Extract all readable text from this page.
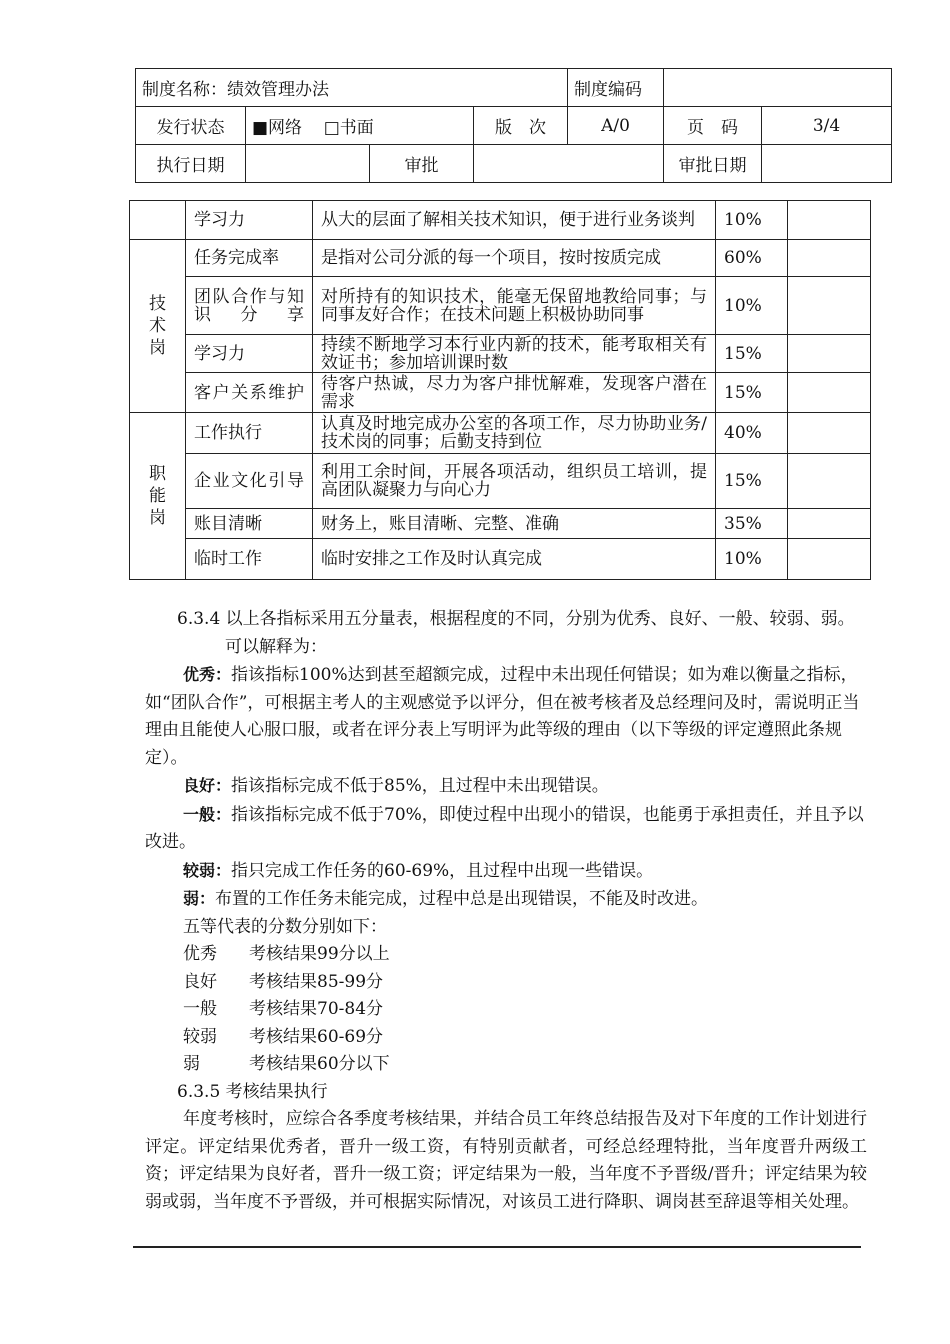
制度名称：绩效管理办法				制度编码		
发行状态	■网络 □书面		版　次	A/0	页　码	3/4
执行日期		审批			审批日期	
	学习力	从大的层面了解相关技术知识，便于进行业务谈判	10%	
技术岗	任务完成率	是指对公司分派的每一个项目，按时按质完成	60%	
	团队合作与知识分享	对所持有的知识技术，能毫无保留地教给同事；与同事友好合作；在技术问题上积极协助同事	10%	
	学习力	持续不断地学习本行业内新的技术，能考取相关有效证书；参加培训课时数	15%	
	客户关系维护	待客户热诚，尽力为客户排忧解难，发现客户潜在需求	15%	
职能岗	工作执行	认真及时地完成办公室的各项工作，尽力协助业务/技术岗的同事；后勤支持到位	40%	
	企业文化引导	利用工余时间，开展各项活动，组织员工培训，提高团队凝聚力与向心力	15%	
	账目清晰	财务上，账目清晰、完整、准确	35%	
	临时工作	临时安排之工作及时认真完成	10%	

6.3.4 以上各指标采用五分量表，根据程度的不同，分别为优秀、良好、一般、较弱、弱。

可以解释为：

优秀：指该指标100%达到甚至超额完成，过程中未出现任何错误；如为难以衡量之指标，如“团队合作”，可根据主考人的主观感觉予以评分，但在被考核者及总经理问及时，需说明正当理由且能使人心服口服，或者在评分表上写明评为此等级的理由（以下等级的评定遵照此条规定）。

良好：指该指标完成不低于85%，且过程中未出现错误。

一般：指该指标完成不低于70%，即使过程中出现小的错误，也能勇于承担责任，并且予以改进。

较弱：指只完成工作任务的60-69%，且过程中出现一些错误。

弱：布置的工作任务未能完成，过程中总是出现错误，不能及时改进。

五等代表的分数分别如下：

优秀 考核结果99分以上

良好 考核结果85-99分

一般 考核结果70-84分

较弱 考核结果60-69分

弱	考核结果60分以下

6.3.5 考核结果执行

年度考核时，应综合各季度考核结果，并结合员工年终总结报告及对下年度的工作计划进行评定。评定结果优秀者，晋升一级工资，有特别贡献者，可经总经理特批，当年度晋升两级工资；评定结果为良好者，晋升一级工资；评定结果为一般，当年度不予晋级/晋升；评定结果为较弱或弱，当年度不予晋级，并可根据实际情况，对该员工进行降职、调岗甚至辞退等相关处理。
